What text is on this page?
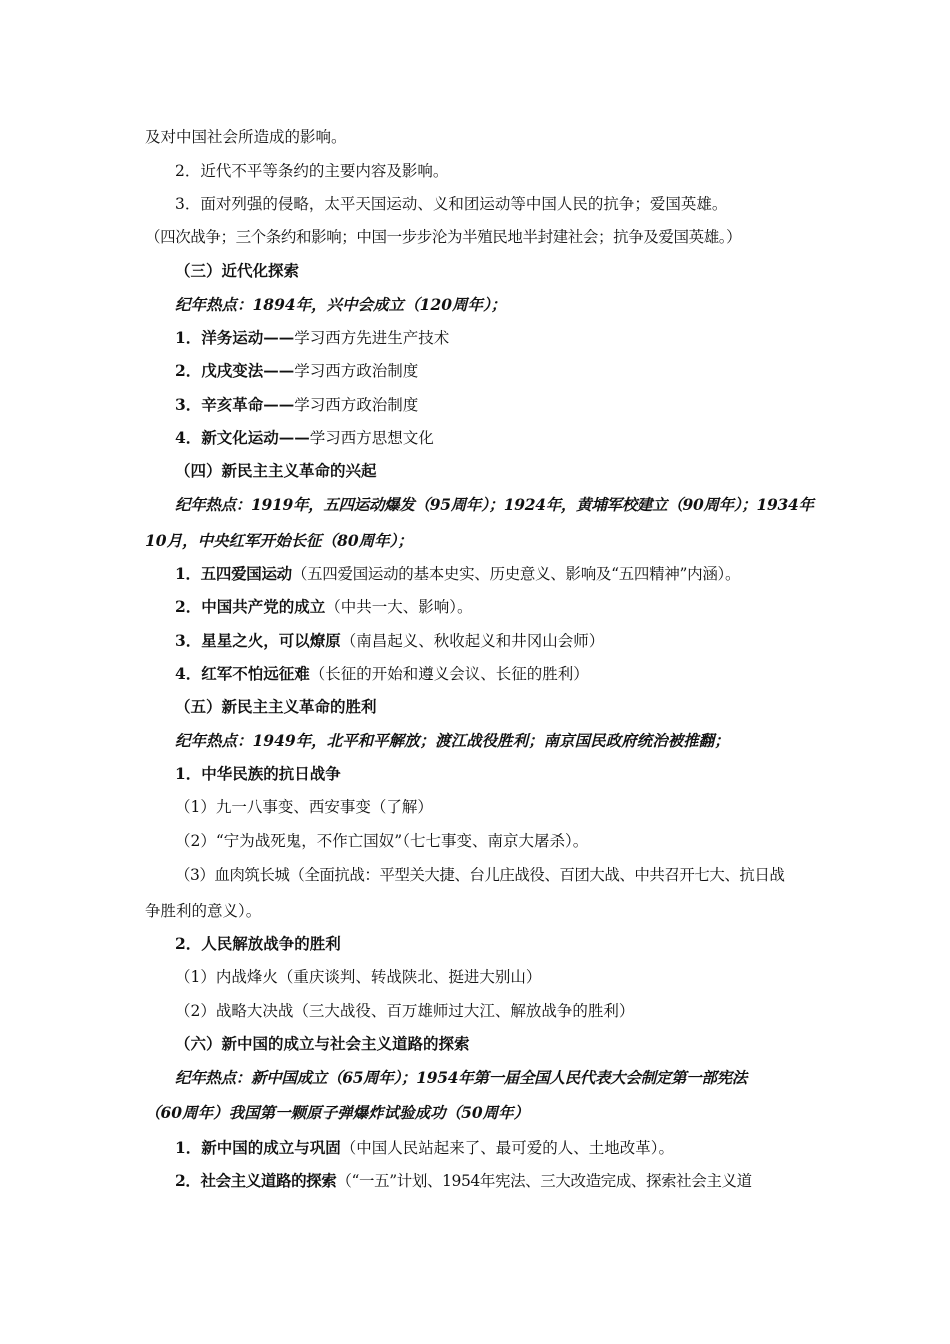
及对中国社会所造成的影响。
2．近代不平等条约的主要内容及影响。
3．面对列强的侵略，太平天国运动、义和团运动等中国人民的抗争；爱国英雄。
（四次战争；三个条约和影响；中国一步步沦为半殖民地半封建社会；抗争及爱国英雄。）
（三）近代化探索
纪年热点：1894年，兴中会成立（120周年）；
1．洋务运动——学习西方先进生产技术
2．戊戌变法——学习西方政治制度
3．辛亥革命——学习西方政治制度
4．新文化运动——学习西方思想文化
（四）新民主主义革命的兴起
纪年热点：1919年，五四运动爆发（95周年）；1924年，黄埔军校建立（90周年）；1934年
10月，中央红军开始长征（80周年）；
1．五四爱国运动（五四爱国运动的基本史实、历史意义、影响及“五四精神”内涵）。
2．中国共产党的成立（中共一大、影响）。
3．星星之火，可以燎原（南昌起义、秋收起义和井冈山会师）
4．红军不怕远征难（长征的开始和遵义会议、长征的胜利）
（五）新民主主义革命的胜利
纪年热点：1949年，北平和平解放；渡江战役胜利；南京国民政府统治被推翻；
1．中华民族的抗日战争
（1）九一八事变、西安事变（了解）
（2）“宁为战死鬼，不作亡国奴”（七七事变、南京大屠杀）。
（3）血肉筑长城（全面抗战：平型关大捷、台儿庄战役、百团大战、中共召开七大、抗日战
争胜利的意义）。
2．人民解放战争的胜利
（1）内战烽火（重庆谈判、转战陕北、挺进大别山）
（2）战略大决战（三大战役、百万雄师过大江、解放战争的胜利）
（六）新中国的成立与社会主义道路的探索
纪年热点：新中国成立（65周年）；1954年第一届全国人民代表大会制定第一部宪法
（60周年）我国第一颗原子弹爆炸试验成功（50周年）
1．新中国的成立与巩固（中国人民站起来了、最可爱的人、土地改革）。
2．社会主义道路的探索（“一五”计划、1954年宪法、三大改造完成、探索社会主义道
